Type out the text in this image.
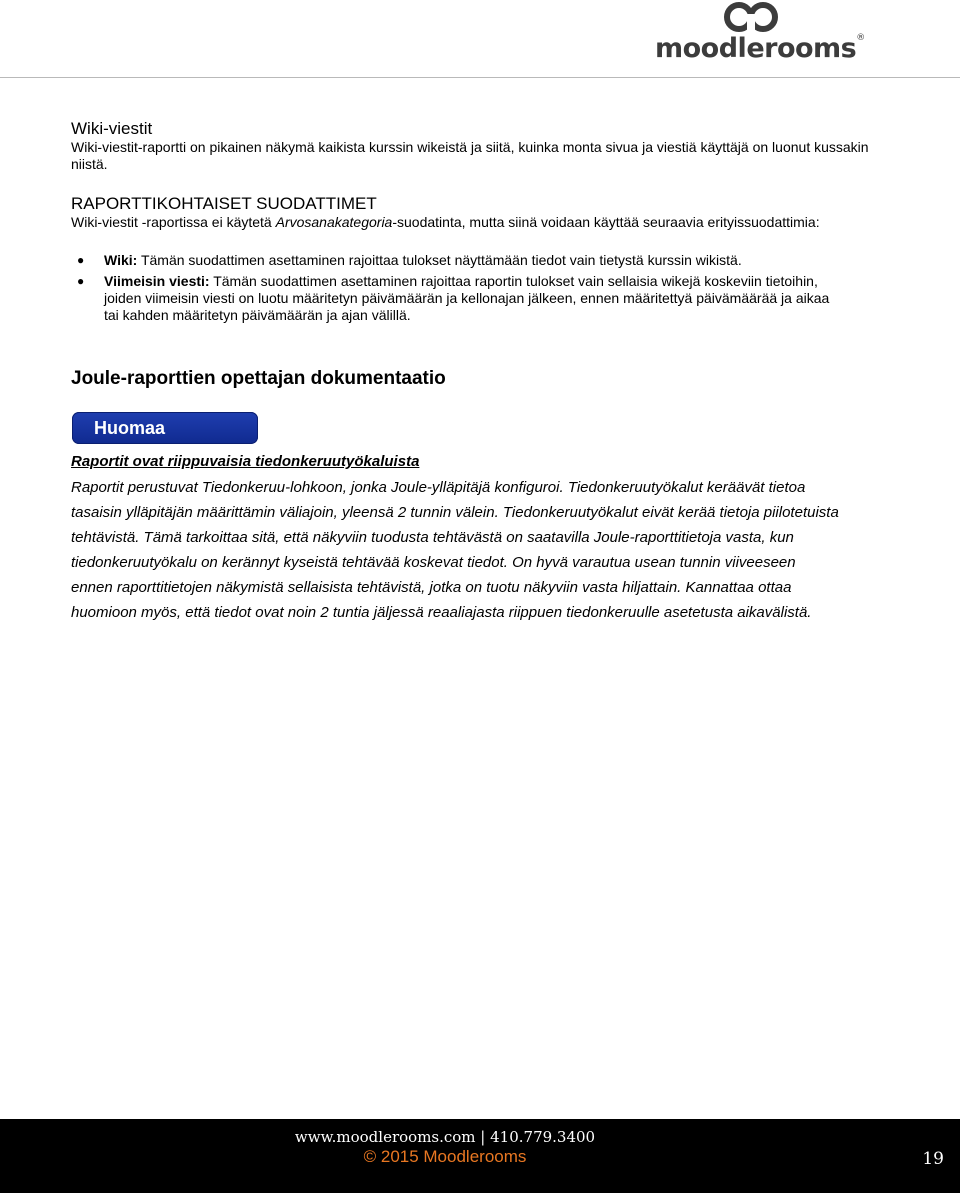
moodlerooms®
Wiki-viestit
Wiki-viestit-raportti on pikainen näkymä kaikista kurssin wikeistä ja siitä, kuinka monta sivua ja viestiä käyttäjä on luonut kussakin niistä.
RAPORTTIKOHTAISET SUODATTIMET
Wiki-viestit -raportissa ei käytetä Arvosanakategoria-suodatinta, mutta siinä voidaan käyttää seuraavia erityissuodattimia:
● Wiki: Tämän suodattimen asettaminen rajoittaa tulokset näyttämään tiedot vain tietystä kurssin wikistä.
● Viimeisin viesti: Tämän suodattimen asettaminen rajoittaa raportin tulokset vain sellaisia wikejä koskeviin tietoihin, joiden viimeisin viesti on luotu määritetyn päivämäärän ja kellonajan jälkeen, ennen määritettyä päivämäärää ja aikaa tai kahden määritetyn päivämäärän ja ajan välillä.
Joule-raporttien opettajan dokumentaatio
Huomaa
Raportit ovat riippuvaisia tiedonkeruutyökaluista
Raportit perustuvat Tiedonkeruu-lohkoon, jonka Joule-ylläpitäjä konfiguroi. Tiedonkeruutyökalut keräävät tietoa tasaisin ylläpitäjän määrittämin väliajoin, yleensä 2 tunnin välein. Tiedonkeruutyökalut eivät kerää tietoja piilotetuista tehtävistä. Tämä tarkoittaa sitä, että näkyviin tuodusta tehtävästä on saatavilla Joule-raporttitietoja vasta, kun tiedonkeruutyökalu on kerännyt kyseistä tehtävää koskevat tiedot. On hyvä varautua usean tunnin viiveeseen ennen raporttitietojen näkymistä sellaisista tehtävistä, jotka on tuotu näkyviin vasta hiljattain. Kannattaa ottaa huomioon myös, että tiedot ovat noin 2 tuntia jäljessä reaaliajasta riippuen tiedonkeruulle asetetusta aikavälistä.
www.moodlerooms.com | 410.779.3400
© 2015 Moodlerooms	19
